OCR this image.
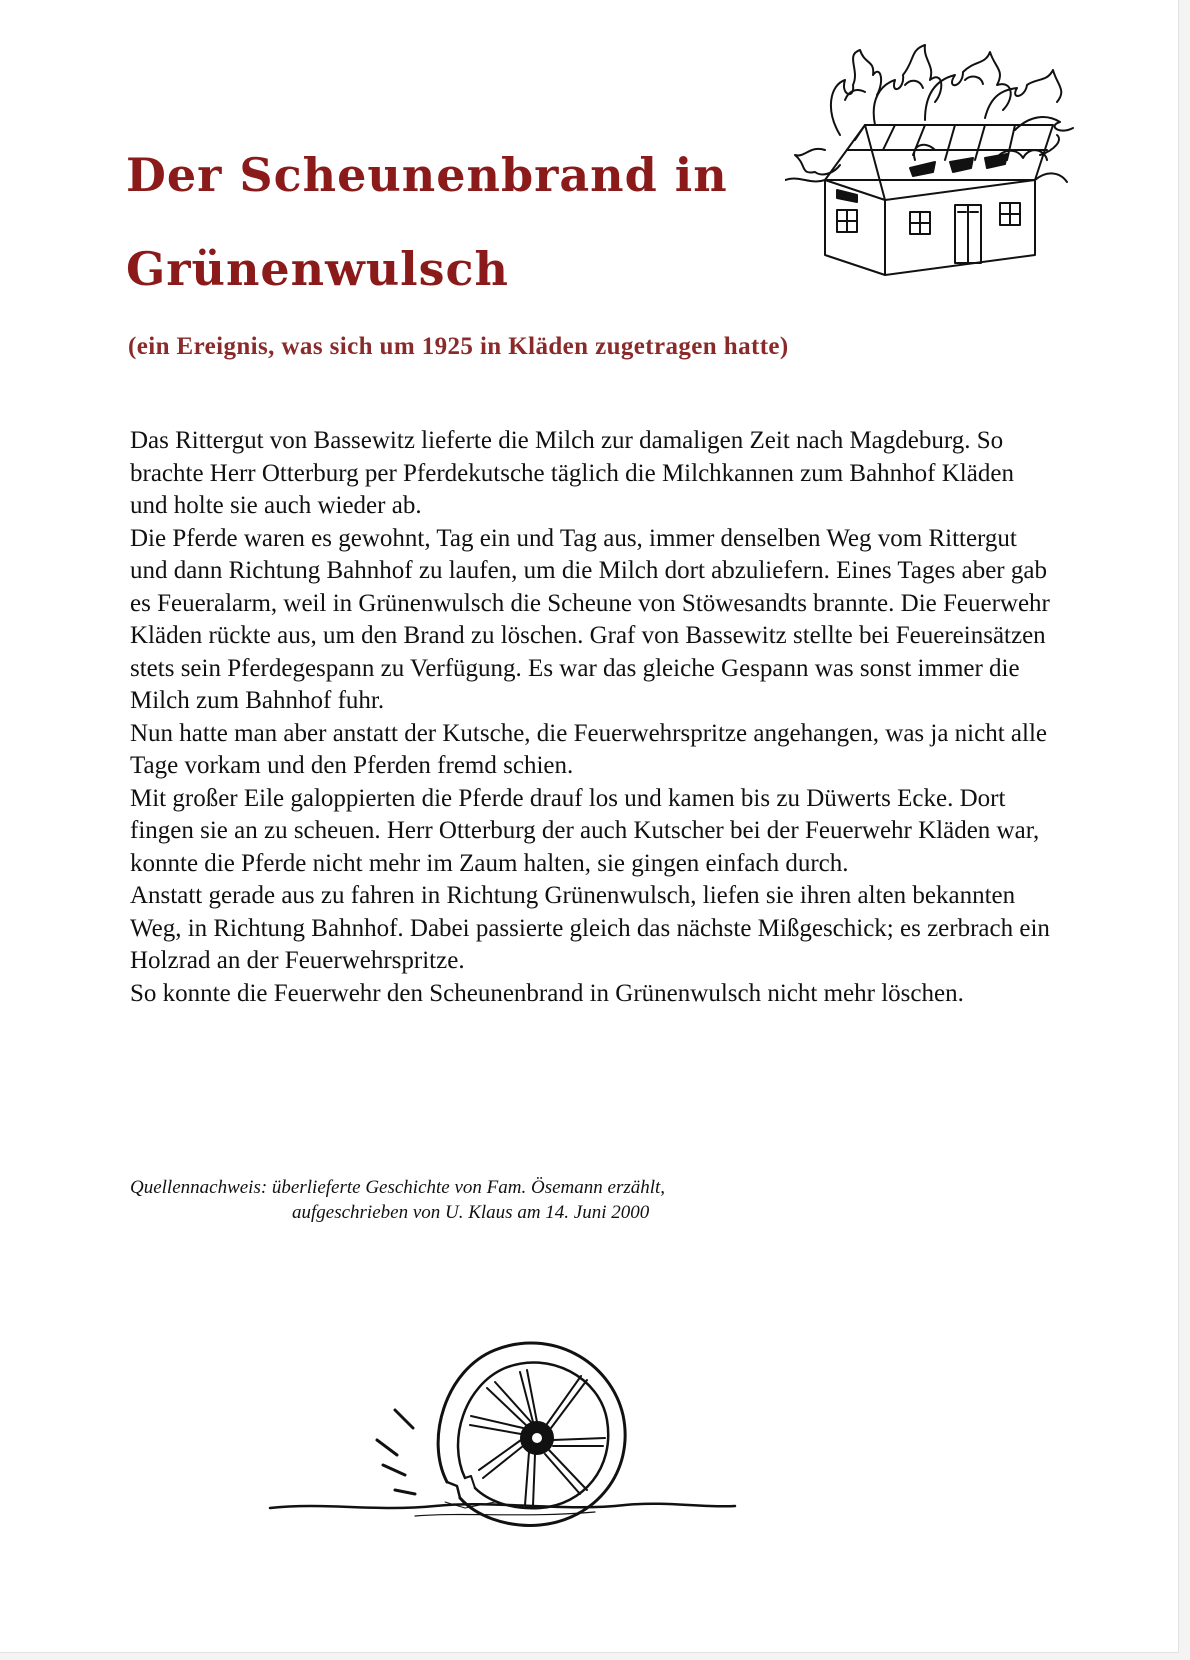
Der Scheunenbrand in
Grünenwulsch

(ein Ereignis, was sich um 1925 in Kläden zugetragen hatte)

Das Rittergut von Bassewitz lieferte die Milch zur damaligen Zeit nach Magdeburg. So brachte Herr Otterburg per Pferdekutsche täglich die Milchkannen zum Bahnhof Kläden und holte sie auch wieder ab.

Die Pferde waren es gewohnt, Tag ein und Tag aus, immer denselben Weg vom Rittergut und dann Richtung Bahnhof zu laufen, um die Milch dort abzuliefern. Eines Tages aber gab es Feueralarm, weil in Grünenwulsch die Scheune von Stöwesandts brannte. Die Feuerwehr Kläden rückte aus, um den Brand zu löschen. Graf von Bassewitz stellte bei Feuereinsätzen stets sein Pferdegespann zu Verfügung. Es war das gleiche Gespann was sonst immer die Milch zum Bahnhof fuhr.

Nun hatte man aber anstatt der Kutsche, die Feuerwehrspritze angehangen, was ja nicht alle Tage vorkam und den Pferden fremd schien.

Mit großer Eile galoppierten die Pferde drauf los und kamen bis zu Düwerts Ecke. Dort fingen sie an zu scheuen. Herr Otterburg der auch Kutscher bei der Feuerwehr Kläden war, konnte die Pferde nicht mehr im Zaum halten, sie gingen einfach durch.

Anstatt gerade aus zu fahren in Richtung Grünenwulsch, liefen sie ihren alten bekannten Weg, in Richtung Bahnhof. Dabei passierte gleich das nächste Mißgeschick; es zerbrach ein Holzrad an der Feuerwehrspritze.

So konnte die Feuerwehr den Scheunenbrand in Grünenwulsch nicht mehr löschen.

Quellennachweis: überlieferte Geschichte von Fam. Ösemann erzählt,

aufgeschrieben von U. Klaus am 14. Juni 2000
